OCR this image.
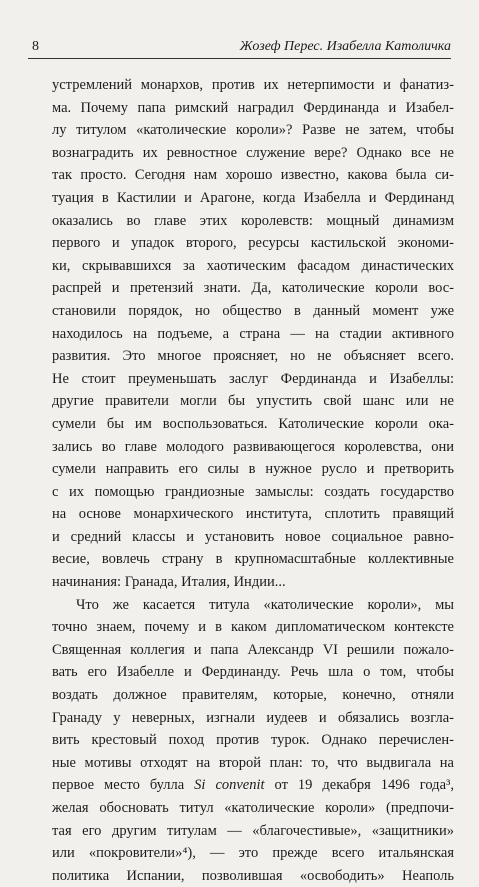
8	Жозеф Перес. Изабелла Католичка
устремлений монархов, против их нетерпимости и фанатиз-
ма. Почему папа римский наградил Фердинанда и Изабел-
лу титулом «католические короли»? Разве не затем, чтобы
вознаградить их ревностное служение вере? Однако все не
так просто. Сегодня нам хорошо известно, какова была си-
туация в Кастилии и Арагоне, когда Изабелла и Фердинанд
оказались во главе этих королевств: мощный динамизм
первого и упадок второго, ресурсы кастильской экономи-
ки, скрывавшихся за хаотическим фасадом династических
распрей и претензий знати. Да, католические короли вос-
становили порядок, но общество в данный момент уже
находилось на подъеме, а страна — на стадии активного
развития. Это многое проясняет, но не объясняет всего.
Не стоит преуменьшать заслуг Фердинанда и Изабеллы:
другие правители могли бы упустить свой шанс или не
сумели бы им воспользоваться. Католические короли ока-
зались во главе молодого развивающегося королевства, они
сумели направить его силы в нужное русло и претворить
с их помощью грандиозные замыслы: создать государство
на основе монархического института, сплотить правящий
и средний классы и установить новое социальное равно-
весие, вовлечь страну в крупномасштабные коллективные
начинания: Гранада, Италия, Индии...
Что же касается титула «католические короли», мы
точно знаем, почему и в каком дипломатическом контексте
Священная коллегия и папа Александр VI решили пожало-
вать его Изабелле и Фердинанду. Речь шла о том, чтобы
воздать должное правителям, которые, конечно, отняли
Гранаду у неверных, изгнали иудеев и обязались возгла-
вить крестовый поход против турок. Однако перечислен-
ные мотивы отходят на второй план: то, что выдвигала на
первое место булла Si convenit от 19 декабря 1496 года³,
желая обосновать титул «католические короли» (предпочи-
тая его другим титулам — «благочестивые», «защитники»
или «покровители»⁴), — это прежде всего итальянская
политика Испании, позволившая «освободить» Неаполь
